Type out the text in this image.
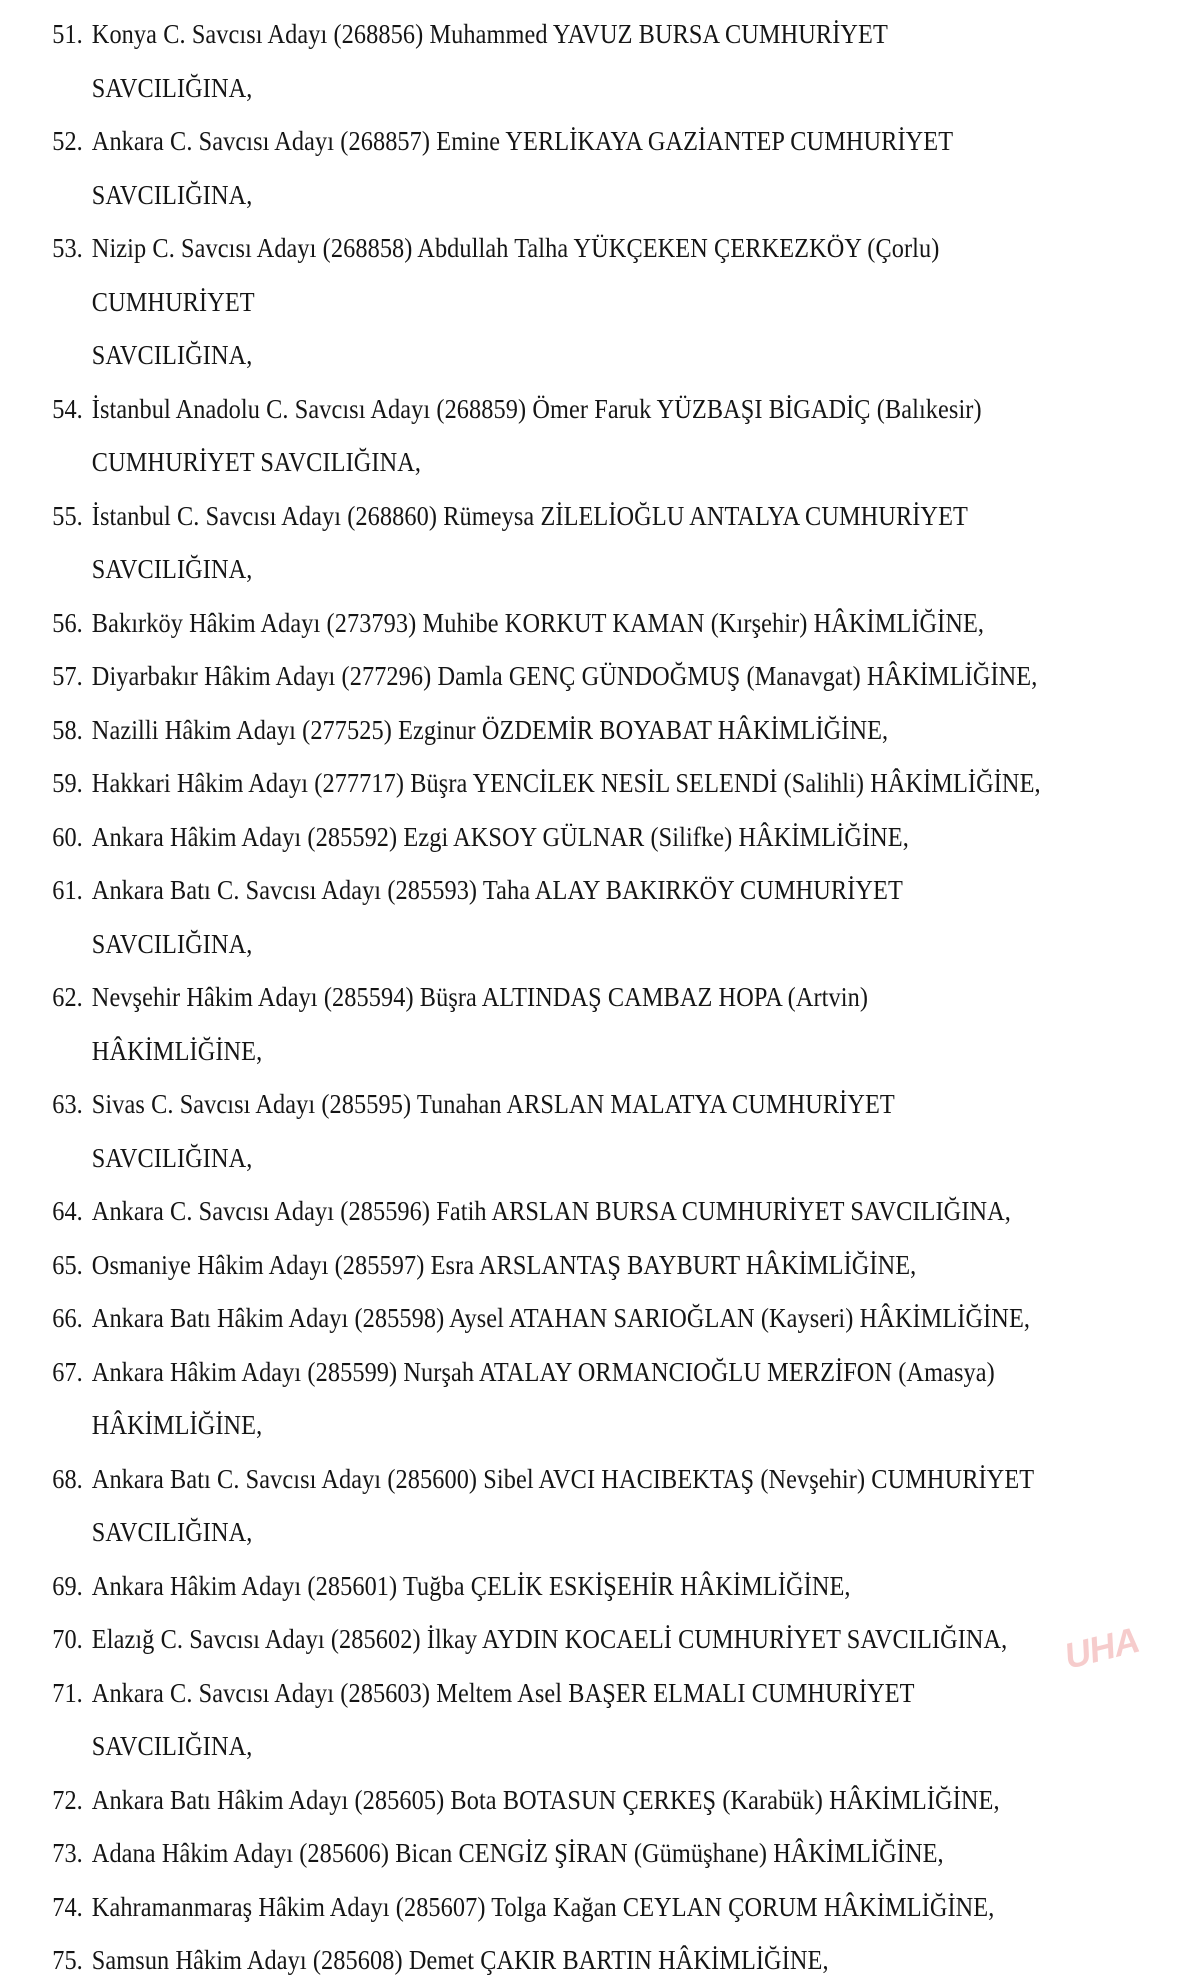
51. Konya C. Savcısı Adayı (268856) Muhammed YAVUZ BURSA CUMHURİYET SAVCILIĞINA,
52. Ankara C. Savcısı Adayı (268857) Emine YERLİKAYA GAZİANTEP CUMHURİYET
SAVCILIĞINA,
53. Nizip C. Savcısı Adayı (268858) Abdullah Talha YÜKÇEKEN ÇERKEZKÖY (Çorlu) CUMHURİYET
SAVCILIĞINA,
54. İstanbul Anadolu C. Savcısı Adayı (268859) Ömer Faruk YÜZBAŞI BİGADİÇ (Balıkesir)
CUMHURİYET SAVCILIĞINA,
55. İstanbul C. Savcısı Adayı (268860) Rümeysa ZİLELİOĞLU ANTALYA CUMHURİYET
SAVCILIĞINA,
56. Bakırköy Hâkim Adayı (273793) Muhibe KORKUT KAMAN (Kırşehir) HÂKİMLİĞİNE,
57. Diyarbakır Hâkim Adayı (277296) Damla GENÇ GÜNDOĞMUŞ (Manavgat) HÂKİMLİĞİNE,
58. Nazilli Hâkim Adayı (277525) Ezginur ÖZDEMİR BOYABAT HÂKİMLİĞİNE,
59. Hakkari Hâkim Adayı (277717) Büşra YENCİLEK NESİL SELENDİ (Salihli) HÂKİMLİĞİNE,
60. Ankara Hâkim Adayı (285592) Ezgi AKSOY GÜLNAR (Silifke) HÂKİMLİĞİNE,
61. Ankara Batı C. Savcısı Adayı (285593) Taha ALAY BAKIRKÖY CUMHURİYET SAVCILIĞINA,
62. Nevşehir Hâkim Adayı (285594) Büşra ALTINDAŞ CAMBAZ HOPA (Artvin) HÂKİMLİĞİNE,
63. Sivas C. Savcısı Adayı (285595) Tunahan ARSLAN MALATYA CUMHURİYET SAVCILIĞINA,
64. Ankara C. Savcısı Adayı (285596) Fatih ARSLAN BURSA CUMHURİYET SAVCILIĞINA,
65. Osmaniye Hâkim Adayı (285597) Esra ARSLANTAŞ BAYBURT HÂKİMLİĞİNE,
66. Ankara Batı Hâkim Adayı (285598) Aysel ATAHAN SARIOĞLAN (Kayseri) HÂKİMLİĞİNE,
67. Ankara Hâkim Adayı (285599) Nurşah ATALAY ORMANCIOĞLU MERZİFON (Amasya)
HÂKİMLİĞİNE,
68. Ankara Batı C. Savcısı Adayı (285600) Sibel AVCI HACIBEKTAŞ (Nevşehir) CUMHURİYET
SAVCILIĞINA,
69. Ankara Hâkim Adayı (285601) Tuğba ÇELİK ESKİŞEHİR HÂKİMLİĞİNE,
70. Elazığ C. Savcısı Adayı (285602) İlkay AYDIN KOCAELİ CUMHURİYET SAVCILIĞINA,
71. Ankara C. Savcısı Adayı (285603) Meltem Asel BAŞER ELMALI CUMHURİYET SAVCILIĞINA,
72. Ankara Batı Hâkim Adayı (285605) Bota BOTASUN ÇERKEŞ (Karabük) HÂKİMLİĞİNE,
73. Adana Hâkim Adayı (285606) Bican CENGİZ ŞİRAN (Gümüşhane) HÂKİMLİĞİNE,
74. Kahramanmaraş Hâkim Adayı (285607) Tolga Kağan CEYLAN ÇORUM HÂKİMLİĞİNE,
75. Samsun Hâkim Adayı (285608) Demet ÇAKIR BARTIN HÂKİMLİĞİNE,
UHA
